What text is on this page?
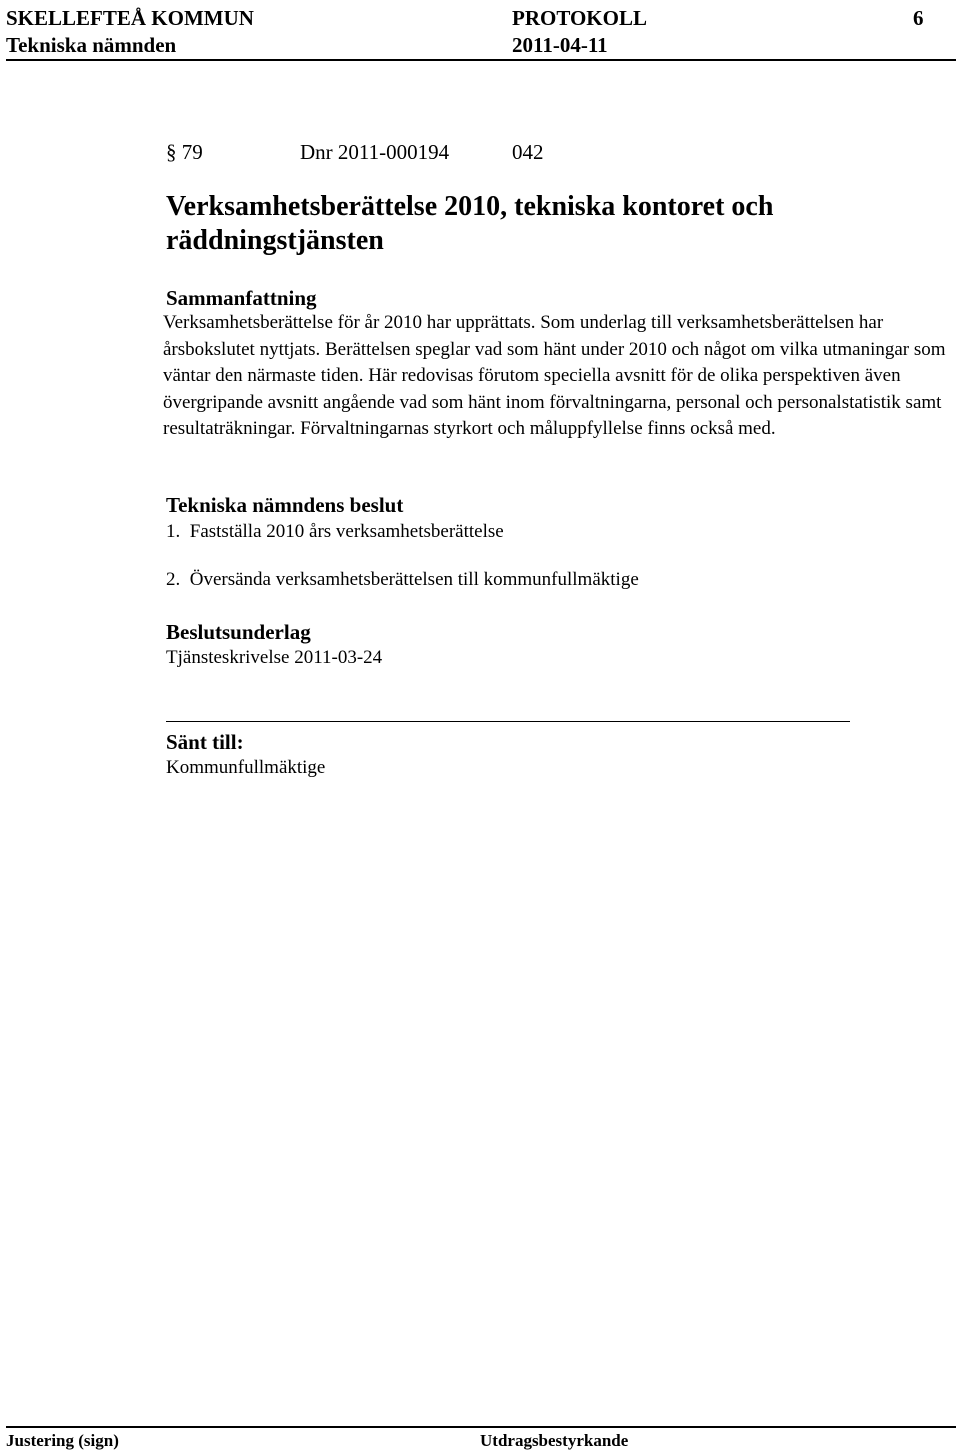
SKELLEFTEÅ KOMMUN
Tekniska nämnden
PROTOKOLL
2011-04-11
6
§ 79	Dnr 2011-000194	042
Verksamhetsberättelse 2010, tekniska kontoret och räddningstjänsten
Sammanfattning
Verksamhetsberättelse för år 2010 har upprättats. Som underlag till verksamhetsberättelsen har årsbokslutet nyttjats. Berättelsen speglar vad som hänt under 2010 och något om vilka utmaningar som väntar den närmaste tiden. Här redovisas förutom speciella avsnitt för de olika perspektiven även övergripande avsnitt angående vad som hänt inom förvaltningarna, personal och personalstatistik samt resultaträkningar. Förvaltningarnas styrkort och måluppfyllelse finns också med.
Tekniska nämndens beslut
1.  Fastställa 2010 års verksamhetsberättelse
2.  Översända verksamhetsberättelsen till kommunfullmäktige
Beslutsunderlag
Tjänsteskrivelse 2011-03-24
Sänt till:
Kommunfullmäktige
Justering (sign)	Utdragsbestyrkande
